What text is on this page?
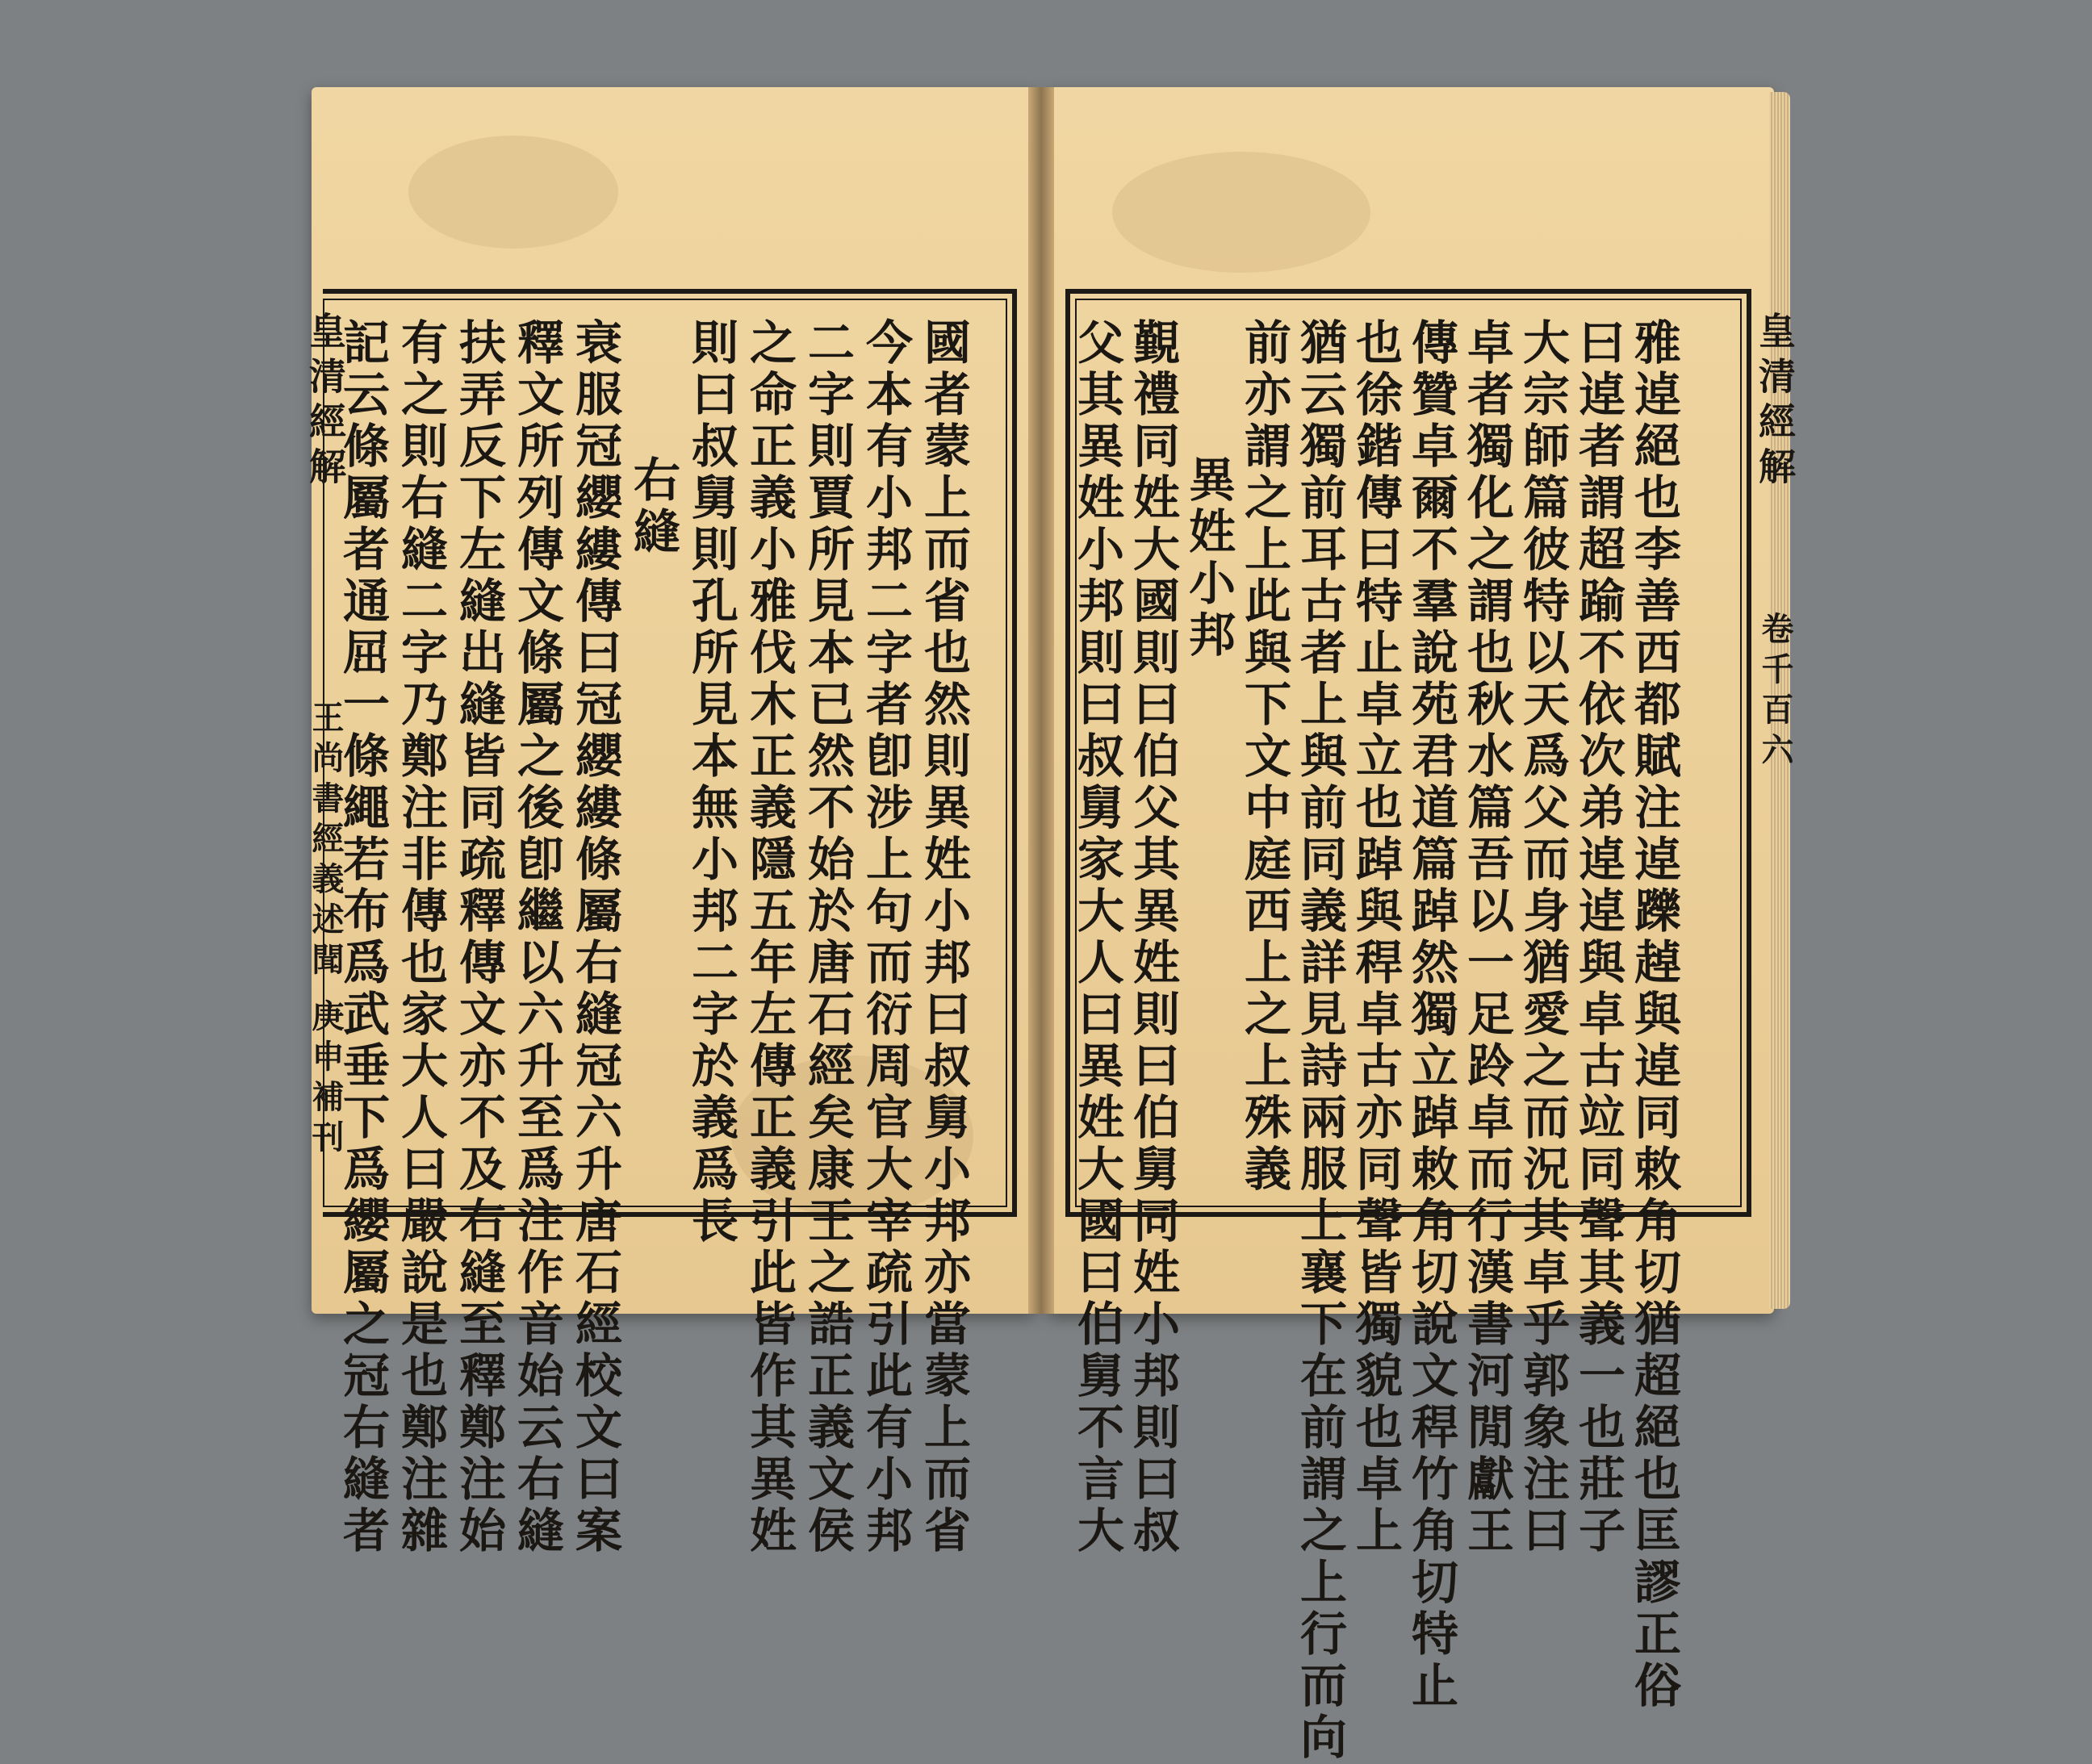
國者蒙上而省也然則異姓小邦曰叔舅小邦亦當蒙上而省
今本有小邦二字者卽涉上句而衍周官大宰疏引此有小邦
二字則賈所見本已然不始於唐石經矣康王之誥正義文侯
之命正義小雅伐木正義隱五年左傳正義引此皆作其異姓
則曰叔舅則孔所見本無小邦二字於義爲長
右縫
衰服冠纓縷傳曰冠纓縷條屬右縫冠六升唐石經校文曰案
釋文所列傳文條屬之後卽繼以六升至爲注作音始云右縫
扶弄反下左縫出縫皆同疏釋傳文亦不及右縫至釋鄭注始
有之則右縫二字乃鄭注非傳也家大人曰嚴說是也鄭注雜
記云條屬者通屈一條繩若布爲武垂下爲纓屬之冠右縫者
皇清經解
王尚書經義述聞
庚申補刊	雅逴絕也李善西都賦注逴躒趠與逴同敕角切猶超絕也匡謬正俗
曰逴者謂超踰不依次弟逴逴與卓古竝同聲其義一也莊子
大宗師篇彼特以天爲父而身猶愛之而況其卓乎郭象注曰
卓者獨化之謂也秋水篇吾以一足跉卓而行漢書河閒獻王
傳贊卓爾不羣說苑君道篇踔然獨立踔敕角切說文稈竹角切特止
也徐鍇傳曰特止卓立也踔與稈卓古亦同聲皆獨貌也卓上
猶云獨前耳古者上與前同義詳見詩兩服上襄下在前謂之上行而向
前亦謂之上此與下文中庭西上之上殊義
異姓小邦
覲禮同姓大國則曰伯父其異姓則曰伯舅同姓小邦則曰叔
父其異姓小邦則曰叔舅家大人曰異姓大國曰伯舅不言大	皇清經解
卷千百六
